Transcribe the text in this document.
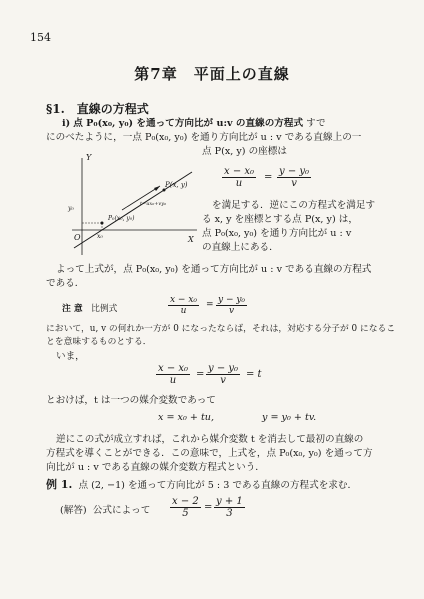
154
第7章　平面上の直線
§1.　直線の方程式
i) 点 P₀(x₀, y₀) を通って方向比が u:v の直線の方程式 すで
にのべたように，一点 P₀(x₀, y₀) を通り方向比が u : v である直線上の一
点 P(x, y) の座標は
$\frac{\text{x − x₀}}{u} = \frac{\text{y − y₀}}{v}$
を満足する．逆にこの方程式を満足す
る x, y を座標とする点 P(x, y) は，
点 P₀(x₀, y₀) を通り方向比が u : v
の直線上にある．
Y
X
O
y₀
x₀
P(x, y)
P₀(x₀, y₀)
t=ux₀+vy₀
よって上式が，点 P₀(x₀, y₀) を通って方向比が u : v である直線の方程式
である．
注 意 比例式	$\frac{\text{x − x₀}}{u} = \frac{\text{y − y₀}}{v}$
において，u, v の何れか一方が 0 になったならば，それは，対応する分子が 0 になるこ
とを意味するものとする．
いま，
$\frac{\text{x − x₀}}{u} = \frac{\text{y − y₀}}{v} = t$
とおけば，t は一つの媒介変数であって
x = x₀ + tu,	y = y₀ + tv.
逆にこの式が成立すれば，これから媒介変数 t を消去して最初の直線の
方程式を導くことができる．この意味で，上式を，点 P₀(x₀, y₀) を通って方
向比が u : v である直線の媒介変数方程式という．
例 1. 点 (2, −1) を通って方向比が 5 : 3 である直線の方程式を求む．
(解答) 公式によって $\frac{x - 2}{5} = \frac{y + 1}{3}$
